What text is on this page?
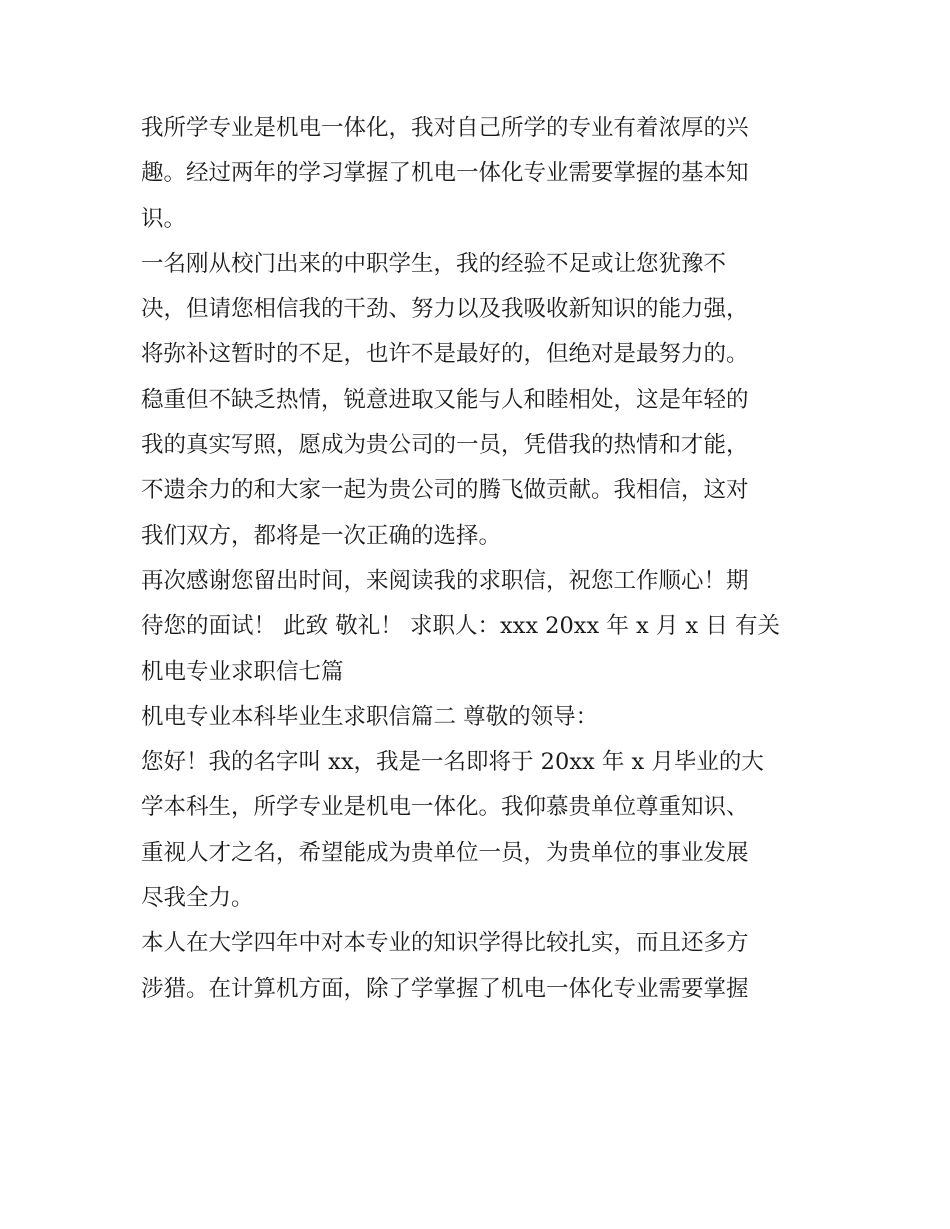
我所学专业是机电一体化，我对自己所学的专业有着浓厚的兴
趣。经过两年的学习掌握了机电一体化专业需要掌握的基本知
识。
一名刚从校门出来的中职学生，我的经验不足或让您犹豫不
决，但请您相信我的干劲、努力以及我吸收新知识的能力强，
将弥补这暂时的不足，也许不是最好的，但绝对是最努力的。
稳重但不缺乏热情，锐意进取又能与人和睦相处，这是年轻的
我的真实写照，愿成为贵公司的一员，凭借我的热情和才能，
不遗余力的和大家一起为贵公司的腾飞做贡献。我相信，这对
我们双方，都将是一次正确的选择。
再次感谢您留出时间，来阅读我的求职信，祝您工作顺心！期
待您的面试！ 此致 敬礼！ 求职人：xxx 20xx 年 x 月 x 日 有关
机电专业求职信七篇
机电专业本科毕业生求职信篇二 尊敬的领导：
您好！我的名字叫 xx，我是一名即将于 20xx 年 x 月毕业的大
学本科生，所学专业是机电一体化。我仰慕贵单位尊重知识、
重视人才之名，希望能成为贵单位一员，为贵单位的事业发展
尽我全力。
本人在大学四年中对本专业的知识学得比较扎实，而且还多方
涉猎。在计算机方面，除了学掌握了机电一体化专业需要掌握
